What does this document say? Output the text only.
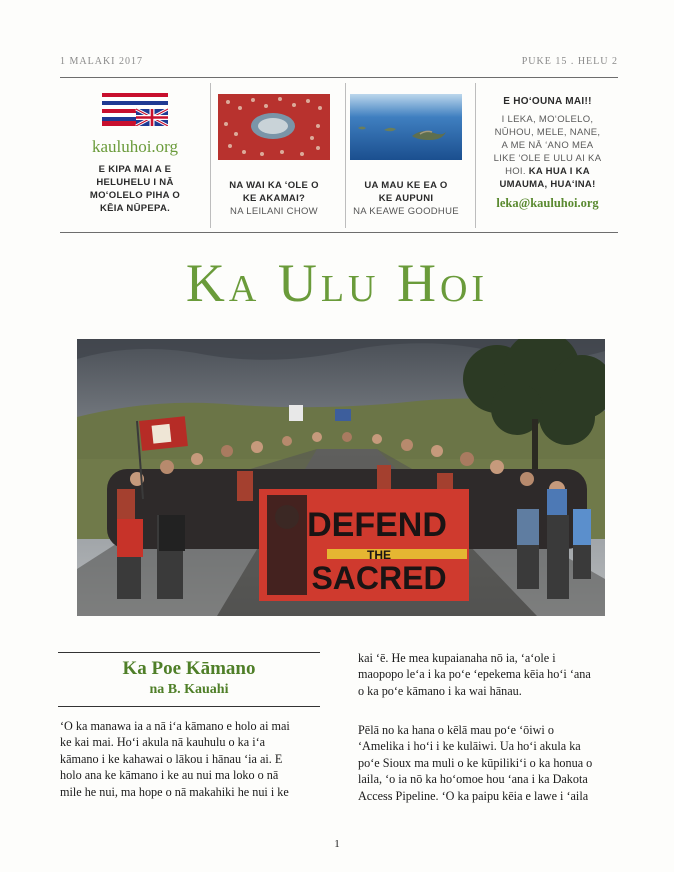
1 MALAKI 2017	PUKE 15 . HELU 2
kauluhoi.org
E KIPA MAI A E
HELUHELU I NĀ
MOʻOLELO PIHA O
KĒIA NŪPEPA.
NA WAI KA ʻOLE O
KE AKAMAI?
NA LEILANI CHOW
UA MAU KE EA O
KE AUPUNI
NA KEAWE GOODHUE
E HOʻOUNA MAI!!
I LEKA, MOʻOLELO,
NŪHOU, MELE, NANE,
A ME NĀ ʻANO MEA
LIKE ʻOLE E ULU AI KA
HOI. KA HUA I KA
UMAUMA, HUAʻINA!
leka@kauluhoi.org
Ka Ulu Hoi
DEFEND
THE
SACRED
Ka Poe Kāmano
na B. Kauahi
ʻO ka manawa ia a nā iʻa kāmano e holo ai mai
ke kai mai. Hoʻi akula nā kauhulu o ka iʻa
kāmano i ke kahawai o lākou i hānau ʻia ai. E
holo ana ke kāmano i ke au nui ma loko o nā
mile he nui, ma hope o nā makahiki he nui i ke
kai ʻē. He mea kupaianaha nō ia, ʻaʻole i
maopopo leʻa i ka poʻe ʻepekema kēia hoʻi ʻana
o ka poʻe kāmano i ka wai hānau.
Pēlā no ka hana o kēlā mau poʻe ʻōiwi o
ʻAmelika i hoʻi i ke kulāiwi. Ua hoʻi akula ka
poʻe Sioux ma muli o ke kūpilikiʻi o ka honua o
laila, ʻo ia nō ka hoʻomoe hou ʻana i ka Dakota
Access Pipeline. ʻO ka paipu kēia e lawe i ʻaila
1
